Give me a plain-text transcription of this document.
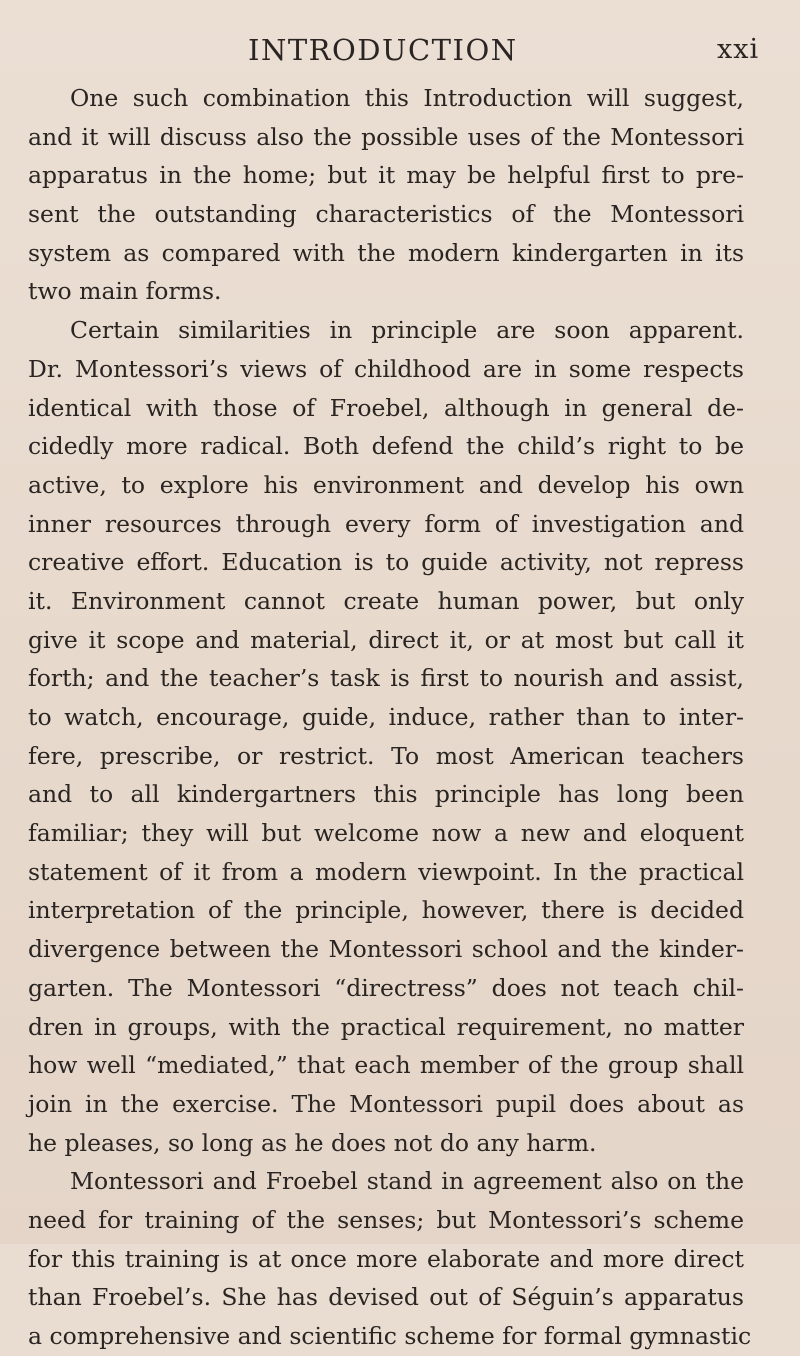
INTRODUCTION	xxi
One such combination this Introduction will suggest,
and it will discuss also the possible uses of the Montessori
apparatus in the home; but it may be helpful first to pre-
sent the outstanding characteristics of the Montessori
system as compared with the modern kindergarten in its
two main forms.
Certain similarities in principle are soon apparent.
Dr. Montessori’s views of childhood are in some respects
identical with those of Froebel, although in general de-
cidedly more radical. Both defend the child’s right to be
active, to explore his environment and develop his own
inner resources through every form of investigation and
creative effort. Education is to guide activity, not repress
it. Environment cannot create human power, but only
give it scope and material, direct it, or at most but call it
forth; and the teacher’s task is first to nourish and assist,
to watch, encourage, guide, induce, rather than to inter-
fere, prescribe, or restrict. To most American teachers
and to all kindergartners this principle has long been
familiar; they will but welcome now a new and eloquent
statement of it from a modern viewpoint. In the practical
interpretation of the principle, however, there is decided
divergence between the Montessori school and the kinder-
garten. The Montessori “directress” does not teach chil-
dren in groups, with the practical requirement, no matter
how well “mediated,” that each member of the group shall
join in the exercise. The Montessori pupil does about as
he pleases, so long as he does not do any harm.
Montessori and Froebel stand in agreement also on the
need for training of the senses; but Montessori’s scheme
for this training is at once more elaborate and more direct
than Froebel’s. She has devised out of Séguin’s apparatus
a comprehensive and scientific scheme for formal gymnastic
